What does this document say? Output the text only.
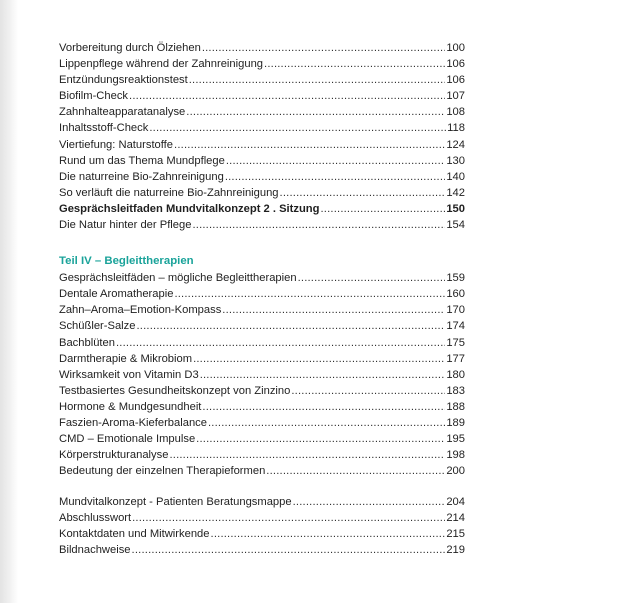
Vorbereitung durch Ölziehen .....	100
Lippenpflege während der Zahnreinigung .....	106
Entzündungsreaktionstest .....	106
Biofilm-Check .....	107
Zahnhalteapparatanalyse .....	108
Inhaltsstoff-Check .....	118
Viertiefung: Naturstoffe .....	124
Rund um das Thema Mundpflege .....	130
Die naturreine Bio-Zahnreinigung .....	140
So verläuft die naturreine Bio-Zahnreinigung .....	142
Gesprächsleitfaden Mundvitalkonzept 2 . Sitzung .....	150
Die Natur hinter der Pflege .....	154
Teil IV – Begleittherapien
Gesprächsleitfäden – mögliche Begleittherapien .....	159
Dentale Aromatherapie .....	160
Zahn–Aroma–Emotion-Kompass .....	170
Schüßler-Salze .....	174
Bachblüten .....	175
Darmtherapie & Mikrobiom .....	177
Wirksamkeit von Vitamin D3 .....	180
Testbasiertes Gesundheitskonzept von Zinzino .....	183
Hormone & Mundgesundheit .....	188
Faszien-Aroma-Kieferbalance .....	189
CMD – Emotionale Impulse .....	195
Körperstrukturanalyse .....	198
Bedeutung der einzelnen Therapieformen .....	200
Mundvitalkonzept - Patienten Beratungsmappe .....	204
Abschlusswort .....	214
Kontaktdaten und Mitwirkende .....	215
Bildnachweise .....	219
